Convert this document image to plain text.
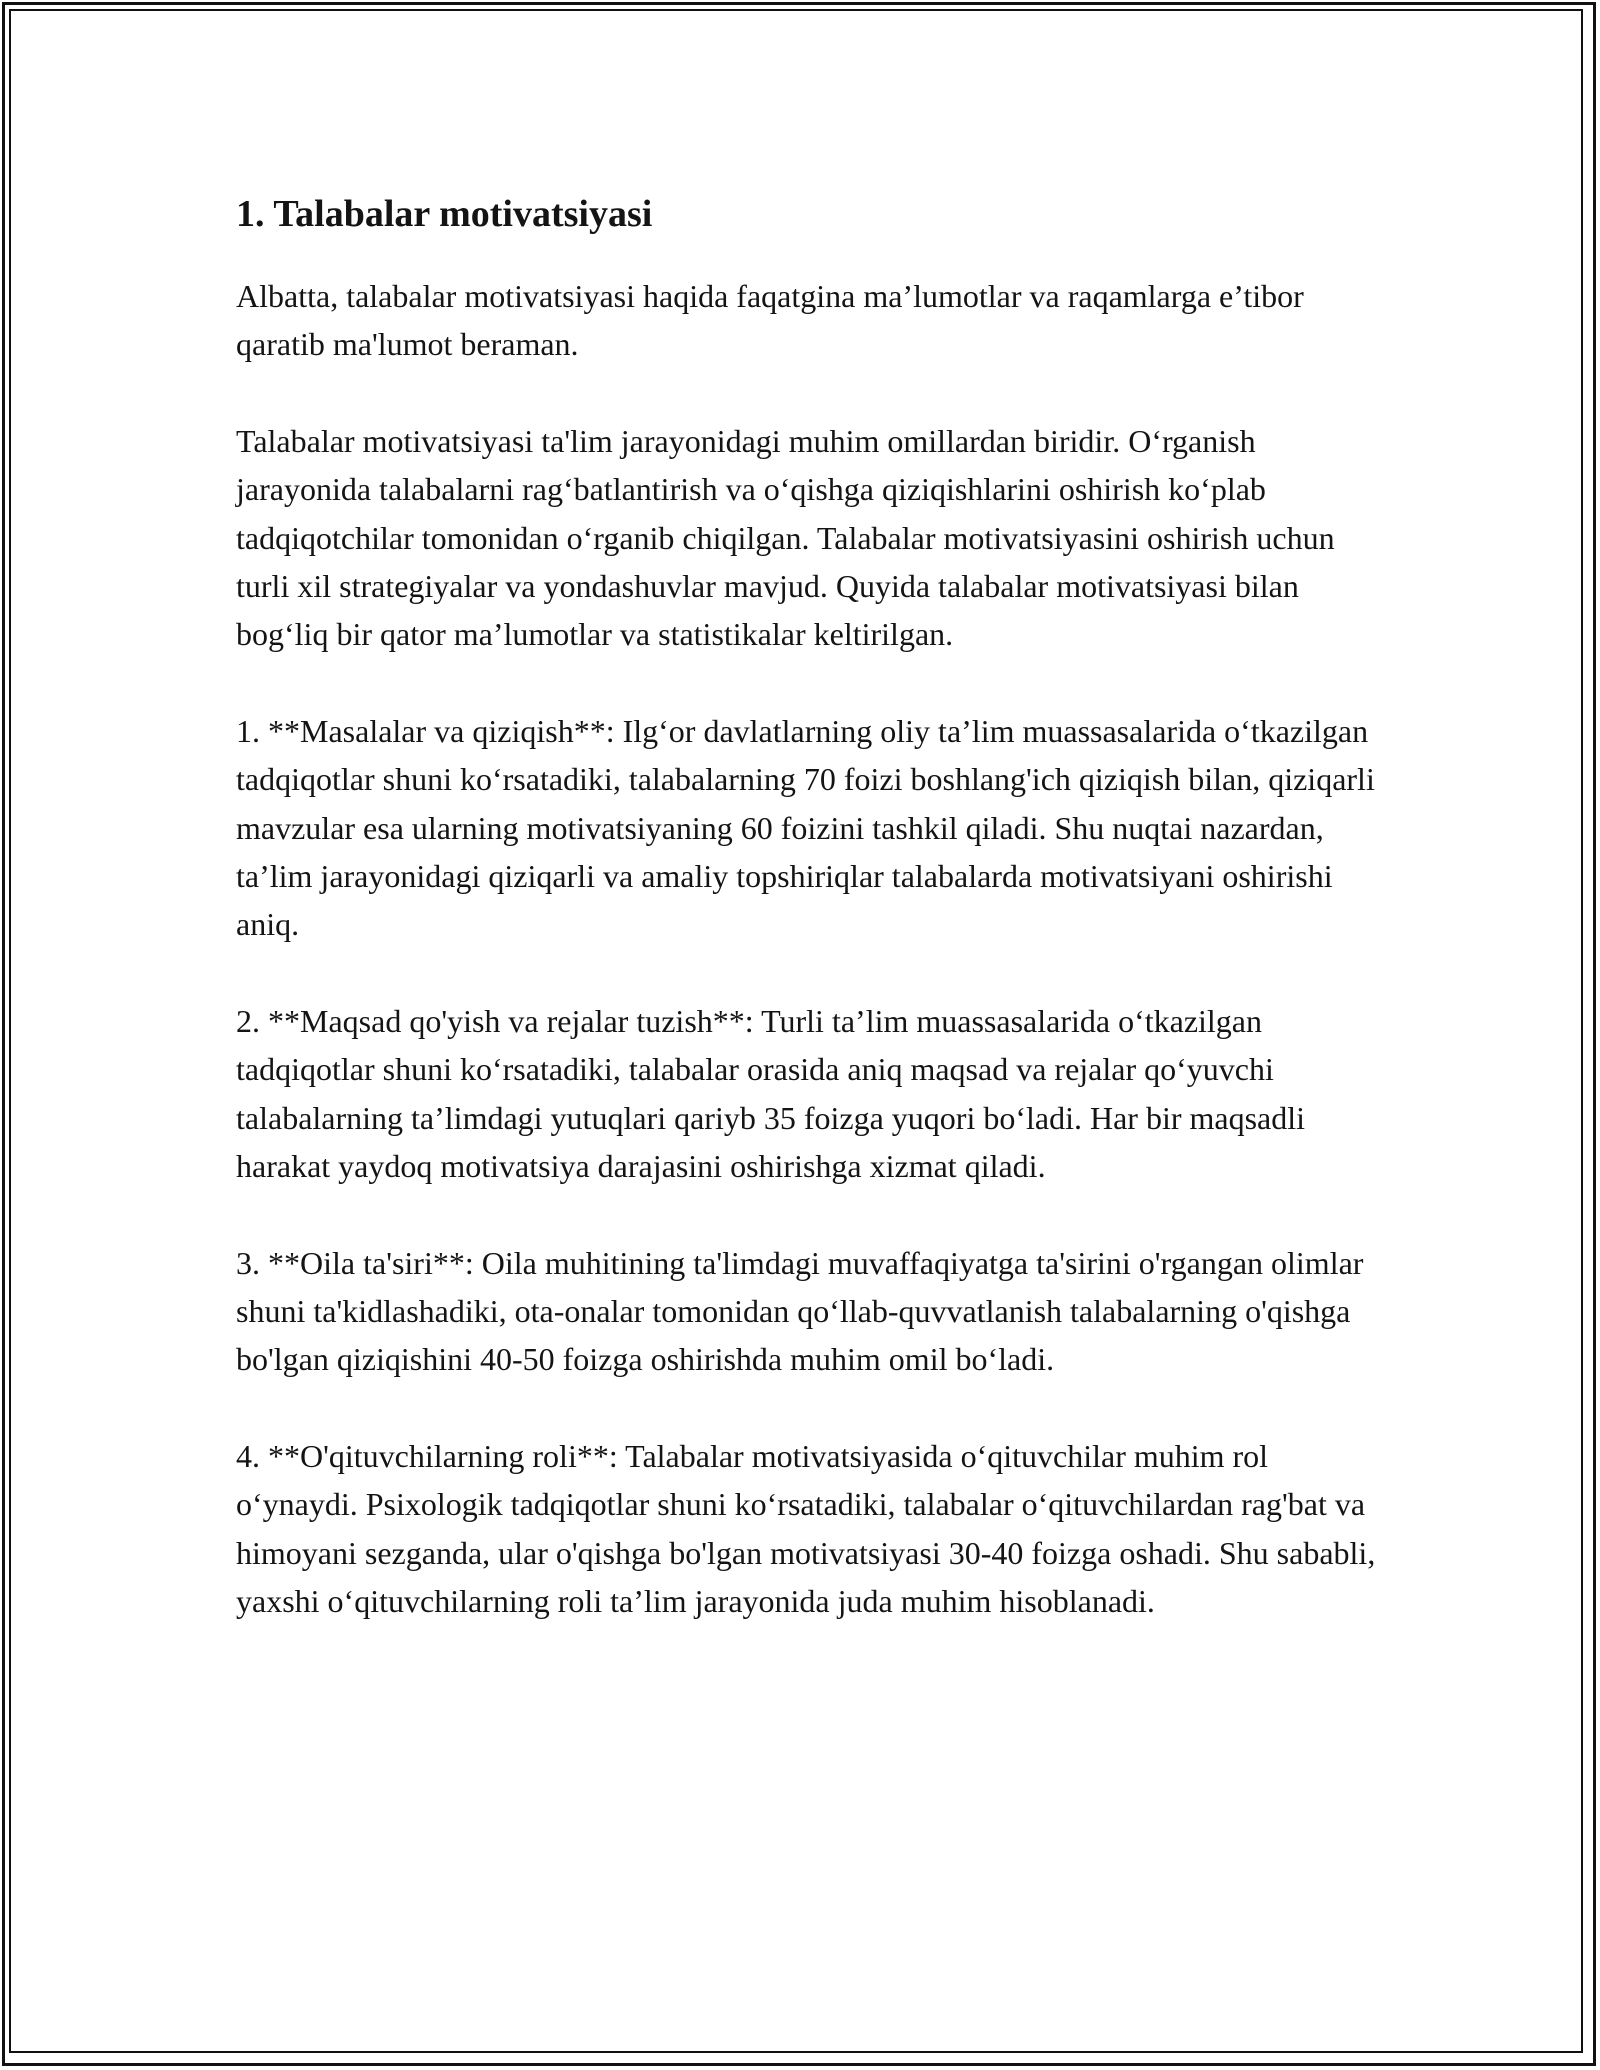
1. Talabalar motivatsiyasi

Albatta, talabalar motivatsiyasi haqida faqatgina ma’lumotlar va raqamlarga e’tibor qaratib ma'lumot beraman.

Talabalar motivatsiyasi ta'lim jarayonidagi muhim omillardan biridir. O‘rganish jarayonida talabalarni rag‘batlantirish va o‘qishga qiziqishlarini oshirish ko‘plab tadqiqotchilar tomonidan o‘rganib chiqilgan. Talabalar motivatsiyasini oshirish uchun turli xil strategiyalar va yondashuvlar mavjud. Quyida talabalar motivatsiyasi bilan bog‘liq bir qator ma’lumotlar va statistikalar keltirilgan.

1. **Masalalar va qiziqish**: Ilg‘or davlatlarning oliy ta’lim muassasalarida o‘tkazilgan tadqiqotlar shuni ko‘rsatadiki, talabalarning 70 foizi boshlang'ich qiziqish bilan, qiziqarli mavzular esa ularning motivatsiyaning 60 foizini tashkil qiladi. Shu nuqtai nazardan, ta’lim jarayonidagi qiziqarli va amaliy topshiriqlar talabalarda motivatsiyani oshirishi aniq.

2. **Maqsad qo'yish va rejalar tuzish**: Turli ta’lim muassasalarida o‘tkazilgan tadqiqotlar shuni ko‘rsatadiki, talabalar orasida aniq maqsad va rejalar qo‘yuvchi talabalarning ta’limdagi yutuqlari qariyb 35 foizga yuqori bo‘ladi. Har bir maqsadli harakat yaydoq motivatsiya darajasini oshirishga xizmat qiladi.

3. **Oila ta'siri**: Oila muhitining ta'limdagi muvaffaqiyatga ta'sirini o'rgangan olimlar shuni ta'kidlashadiki, ota-onalar tomonidan qo‘llab-quvvatlanish talabalarning o'qishga bo'lgan qiziqishini 40-50 foizga oshirishda muhim omil bo‘ladi.

4. **O'qituvchilarning roli**: Talabalar motivatsiyasida o‘qituvchilar muhim rol o‘ynaydi. Psixologik tadqiqotlar shuni ko‘rsatadiki, talabalar o‘qituvchilardan rag'bat va himoyani sezganda, ular o'qishga bo'lgan motivatsiyasi 30-40 foizga oshadi. Shu sababli, yaxshi o‘qituvchilarning roli ta’lim jarayonida juda muhim hisoblanadi.
